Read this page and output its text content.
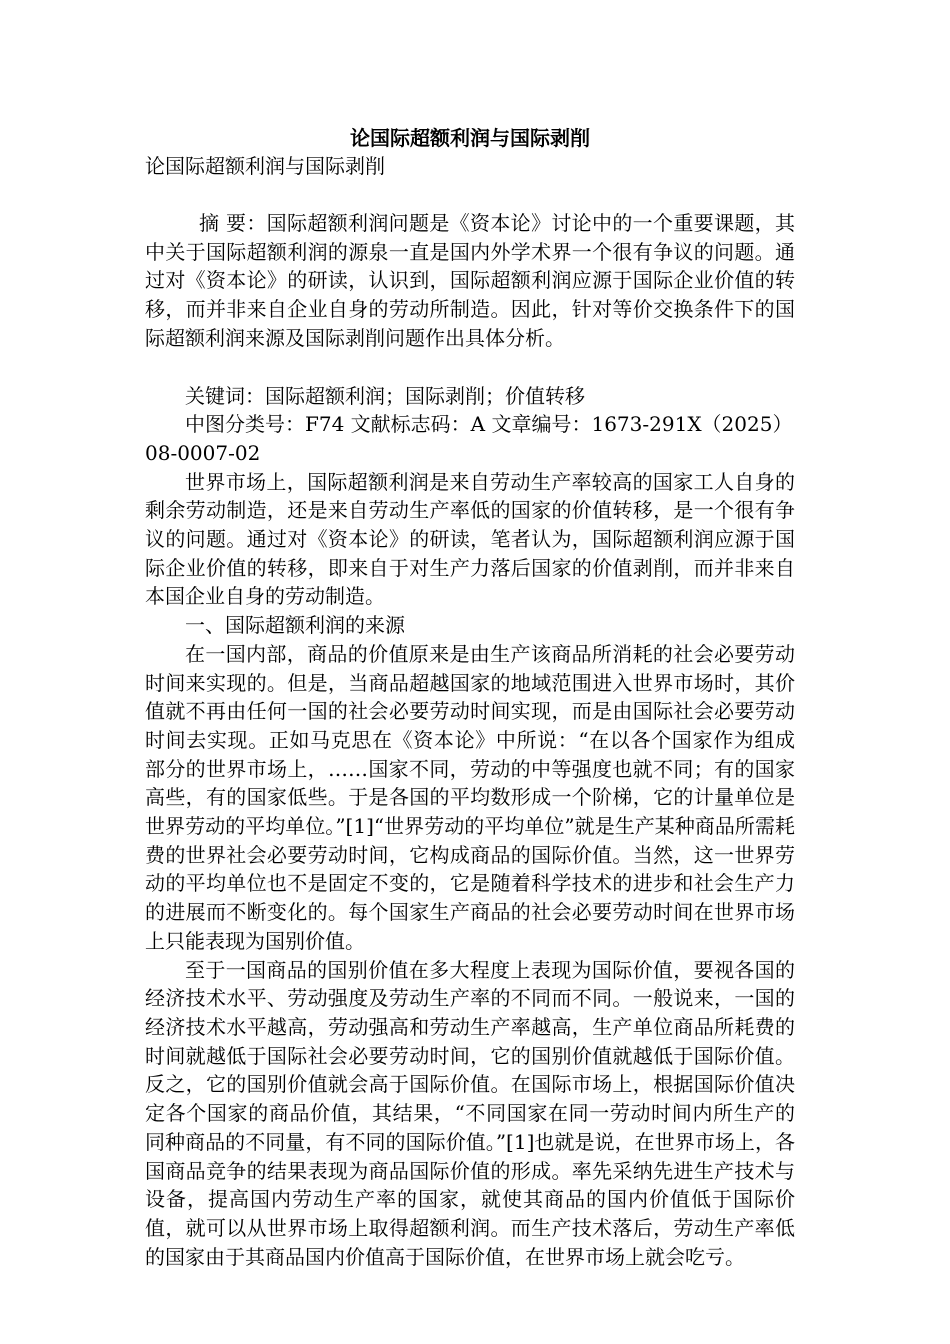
论国际超额利润与国际剥削

论国际超额利润与国际剥削

摘 要：国际超额利润问题是《资本论》讨论中的一个重要课题，其中关于国际超额利润的源泉一直是国内外学术界一个很有争议的问题。通过对《资本论》的研读，认识到，国际超额利润应源于国际企业价值的转移，而并非来自企业自身的劳动所制造。因此，针对等价交换条件下的国际超额利润来源及国际剥削问题作出具体分析。

关键词：国际超额利润；国际剥削；价值转移

中图分类号：F74 文献标志码：A 文章编号：1673-291X（2025）08-0007-02

世界市场上，国际超额利润是来自劳动生产率较高的国家工人自身的剩余劳动制造，还是来自劳动生产率低的国家的价值转移，是一个很有争议的问题。通过对《资本论》的研读，笔者认为，国际超额利润应源于国际企业价值的转移，即来自于对生产力落后国家的价值剥削，而并非来自本国企业自身的劳动制造。

一、国际超额利润的来源

在一国内部，商品的价值原来是由生产该商品所消耗的社会必要劳动时间来实现的。但是，当商品超越国家的地域范围进入世界市场时，其价值就不再由任何一国的社会必要劳动时间实现，而是由国际社会必要劳动时间去实现。正如马克思在《资本论》中所说：“在以各个国家作为组成部分的世界市场上，……国家不同，劳动的中等强度也就不同；有的国家高些，有的国家低些。于是各国的平均数形成一个阶梯，它的计量单位是世界劳动的平均单位。”[1]“世界劳动的平均单位”就是生产某种商品所需耗费的世界社会必要劳动时间，它构成商品的国际价值。当然，这一世界劳动的平均单位也不是固定不变的，它是随着科学技术的进步和社会生产力的进展而不断变化的。每个国家生产商品的社会必要劳动时间在世界市场上只能表现为国别价值。

至于一国商品的国别价值在多大程度上表现为国际价值，要视各国的经济技术水平、劳动强度及劳动生产率的不同而不同。一般说来，一国的经济技术水平越高，劳动强高和劳动生产率越高，生产单位商品所耗费的时间就越低于国际社会必要劳动时间，它的国别价值就越低于国际价值。反之，它的国别价值就会高于国际价值。在国际市场上，根据国际价值决定各个国家的商品价值，其结果，“不同国家在同一劳动时间内所生产的同种商品的不同量，有不同的国际价值。”[1]也就是说，在世界市场上，各国商品竞争的结果表现为商品国际价值的形成。率先采纳先进生产技术与设备，提高国内劳动生产率的国家，就使其商品的国内价值低于国际价值，就可以从世界市场上取得超额利润。而生产技术落后，劳动生产率低的国家由于其商品国内价值高于国际价值，在世界市场上就会吃亏。
